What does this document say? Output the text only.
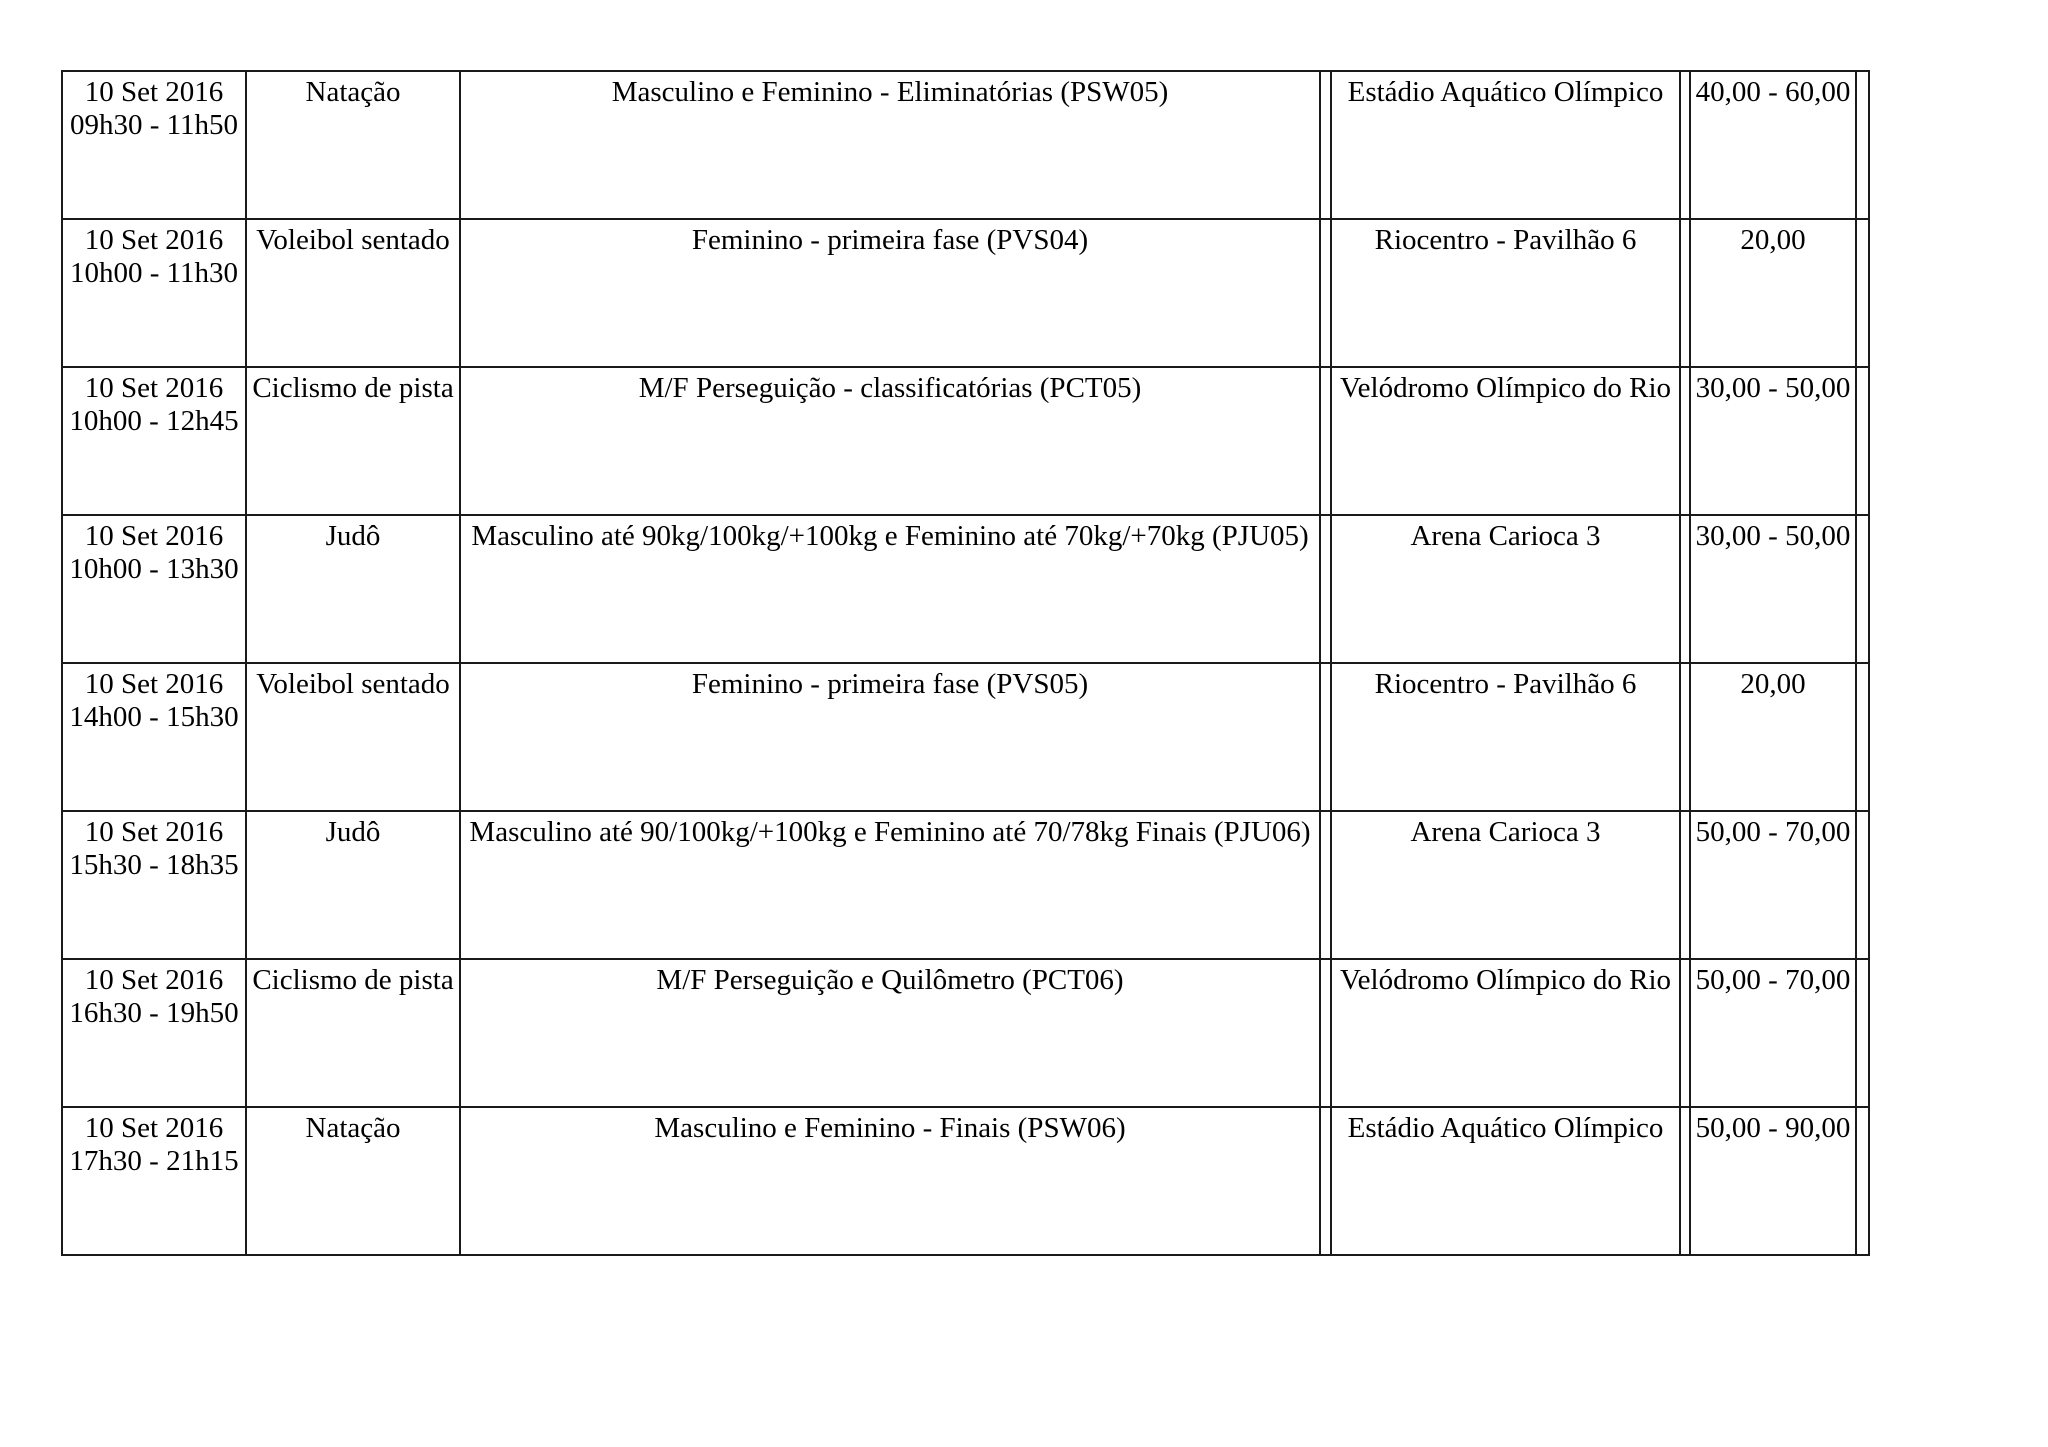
10 Set 2016
09h30 - 11h50	Natação	Masculino e Feminino - Eliminatórias (PSW05)		Estádio Aquático Olímpico		40,00 - 60,00	

10 Set 2016
10h00 - 11h30	Voleibol sentado	Feminino - primeira fase (PVS04)		Riocentro - Pavilhão 6		20,00	

10 Set 2016
10h00 - 12h45	Ciclismo de pista	M/F Perseguição - classificatórias (PCT05)		Velódromo Olímpico do Rio		30,00 - 50,00	

10 Set 2016
10h00 - 13h30	Judô	Masculino até 90kg/100kg/+100kg e Feminino até 70kg/+70kg (PJU05)		Arena Carioca 3		30,00 - 50,00	

10 Set 2016
14h00 - 15h30	Voleibol sentado	Feminino - primeira fase (PVS05)		Riocentro - Pavilhão 6		20,00	

10 Set 2016
15h30 - 18h35	Judô	Masculino até 90/100kg/+100kg e Feminino até 70/78kg Finais (PJU06)		Arena Carioca 3		50,00 - 70,00	

10 Set 2016
16h30 - 19h50	Ciclismo de pista	M/F Perseguição e Quilômetro (PCT06)		Velódromo Olímpico do Rio		50,00 - 70,00	

10 Set 2016
17h30 - 21h15	Natação	Masculino e Feminino - Finais (PSW06)		Estádio Aquático Olímpico		50,00 - 90,00	
